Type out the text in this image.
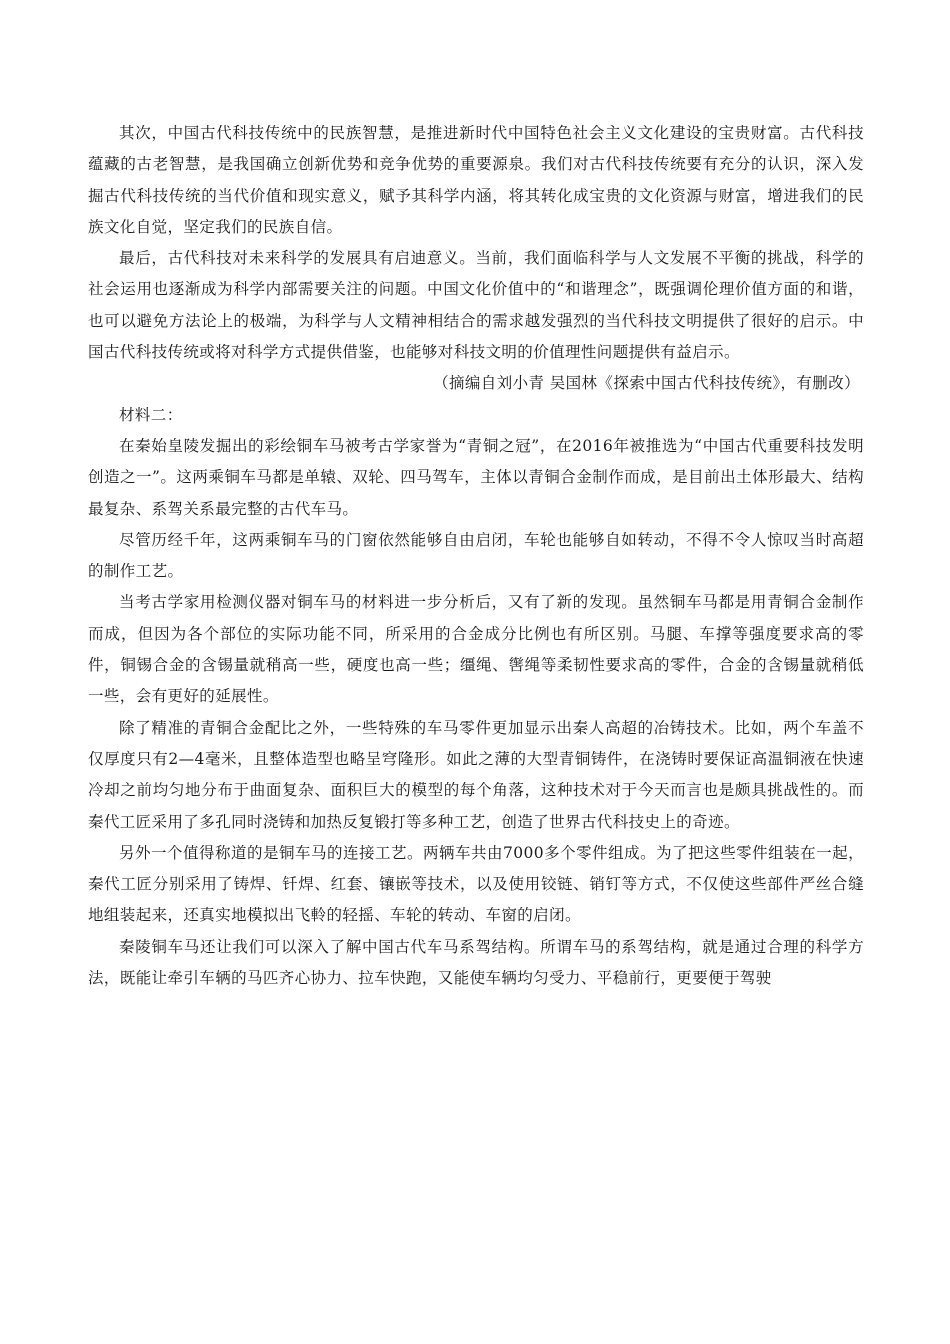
其次，中国古代科技传统中的民族智慧，是推进新时代中国特色社会主义文化建设的宝贵财富。古代科技蕴藏的古老智慧，是我国确立创新优势和竞争优势的重要源泉。我们对古代科技传统要有充分的认识，深入发掘古代科技传统的当代价值和现实意义，赋予其科学内涵，将其转化成宝贵的文化资源与财富，增进我们的民族文化自觉，坚定我们的民族自信。

最后，古代科技对未来科学的发展具有启迪意义。当前，我们面临科学与人文发展不平衡的挑战，科学的社会运用也逐渐成为科学内部需要关注的问题。中国文化价值中的“和谐理念”，既强调伦理价值方面的和谐，也可以避免方法论上的极端，为科学与人文精神相结合的需求越发强烈的当代科技文明提供了很好的启示。中国古代科技传统或将对科学方式提供借鉴，也能够对科技文明的价值理性问题提供有益启示。

（摘编自刘小青 吴国林《探索中国古代科技传统》，有删改）

材料二：

在秦始皇陵发掘出的彩绘铜车马被考古学家誉为“青铜之冠”，在2016年被推选为“中国古代重要科技发明创造之一”。这两乘铜车马都是单辕、双轮、四马驾车，主体以青铜合金制作而成，是目前出土体形最大、结构最复杂、系驾关系最完整的古代车马。

尽管历经千年，这两乘铜车马的门窗依然能够自由启闭，车轮也能够自如转动，不得不令人惊叹当时高超的制作工艺。

当考古学家用检测仪器对铜车马的材料进一步分析后，又有了新的发现。虽然铜车马都是用青铜合金制作而成，但因为各个部位的实际功能不同，所采用的合金成分比例也有所区别。马腿、车撑等强度要求高的零件，铜锡合金的含锡量就稍高一些，硬度也高一些；缰绳、辔绳等柔韧性要求高的零件，合金的含锡量就稍低一些，会有更好的延展性。

除了精准的青铜合金配比之外，一些特殊的车马零件更加显示出秦人高超的冶铸技术。比如，两个车盖不仅厚度只有2—4毫米，且整体造型也略呈穹隆形。如此之薄的大型青铜铸件，在浇铸时要保证高温铜液在快速冷却之前均匀地分布于曲面复杂、面积巨大的模型的每个角落，这种技术对于今天而言也是颇具挑战性的。而秦代工匠采用了多孔同时浇铸和加热反复锻打等多种工艺，创造了世界古代科技史上的奇迹。

另外一个值得称道的是铜车马的连接工艺。两辆车共由7000多个零件组成。为了把这些零件组装在一起，秦代工匠分别采用了铸焊、钎焊、红套、镶嵌等技术，以及使用铰链、销钉等方式，不仅使这些部件严丝合缝地组装起来，还真实地模拟出飞軨的轻摇、车轮的转动、车窗的启闭。

秦陵铜车马还让我们可以深入了解中国古代车马系驾结构。所谓车马的系驾结构，就是通过合理的科学方法，既能让牵引车辆的马匹齐心协力、拉车快跑，又能使车辆均匀受力、平稳前行，更要便于驾驶
